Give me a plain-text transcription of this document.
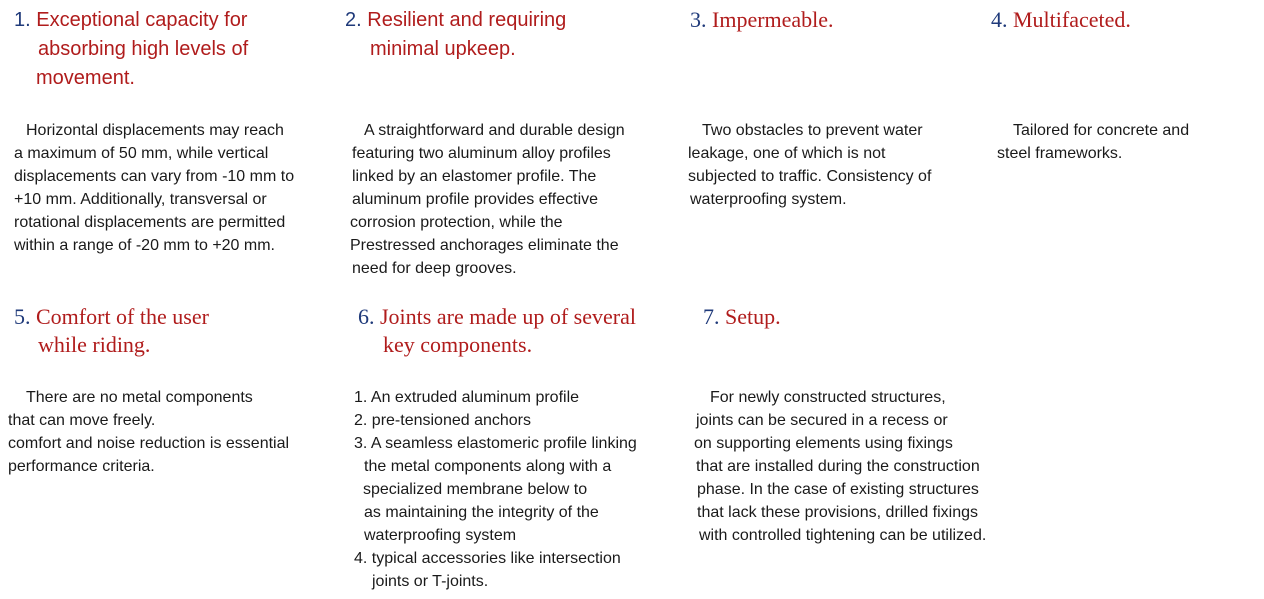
1. Exceptional capacity for
absorbing high levels of
movement.
Horizontal displacements may reach
a maximum of 50 mm, while vertical
displacements can vary from -10 mm to
+10 mm. Additionally, transversal or
rotational displacements are permitted
within a range of -20 mm to +20 mm.
2. Resilient and requiring
minimal upkeep.
A straightforward and durable design
featuring two aluminum alloy profiles
linked by an elastomer profile. The
aluminum profile provides effective
corrosion protection, while the
Prestressed anchorages eliminate the
need for deep grooves.
3. Impermeable.
Two obstacles to prevent water
leakage, one of which is not
subjected to traffic. Consistency of
waterproofing system.
4. Multifaceted.
Tailored for concrete and
steel frameworks.
5. Comfort of the user
while riding.
There are no metal components
that can move freely.
comfort and noise reduction is essential
performance criteria.
6. Joints are made up of several
key components.
1. An extruded aluminum profile
2. pre-tensioned anchors
3. A seamless elastomeric profile linking
the metal components along with a
specialized membrane below to
as maintaining the integrity of the
waterproofing system
4. typical accessories like intersection
joints or T-joints.
7. Setup.
For newly constructed structures,
joints can be secured in a recess or
on supporting elements using fixings
that are installed during the construction
phase. In the case of existing structures
that lack these provisions, drilled fixings
with controlled tightening can be utilized.
